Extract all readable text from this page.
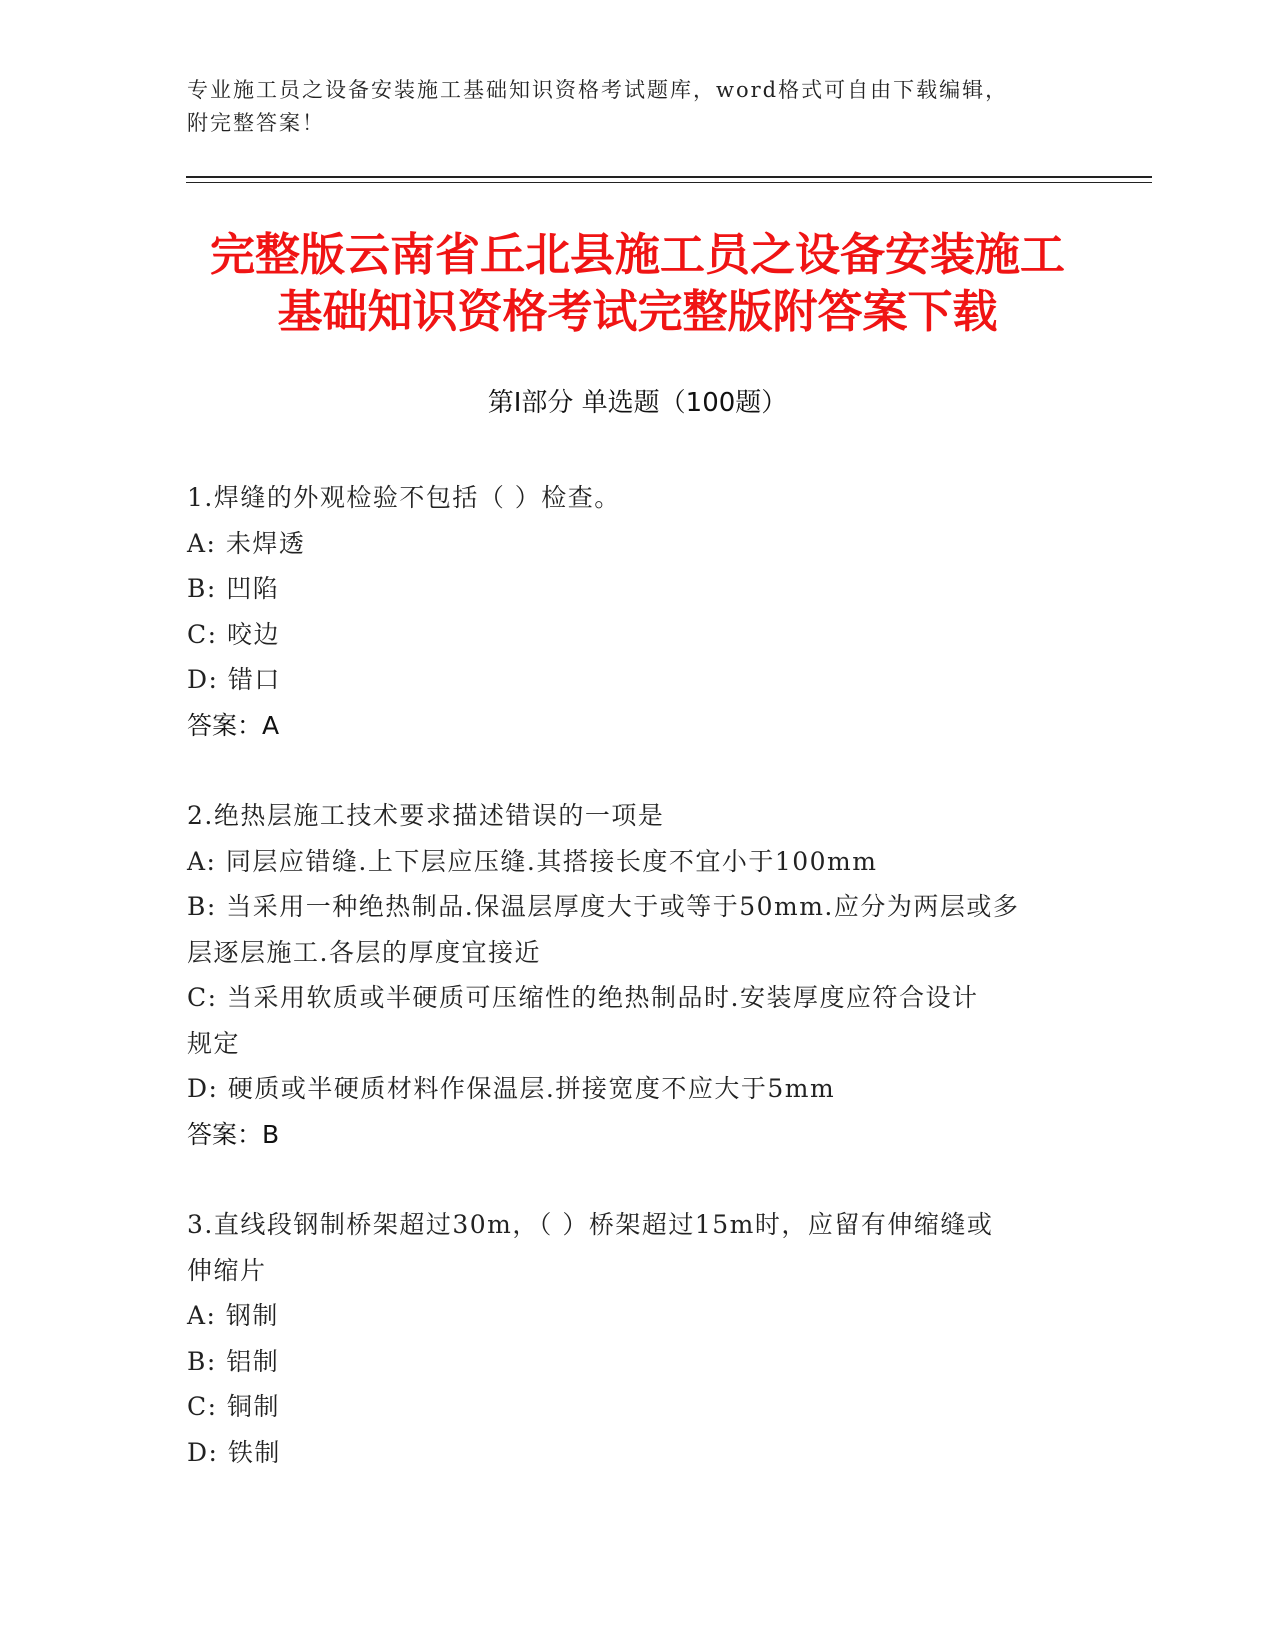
专业施工员之设备安装施工基础知识资格考试题库，word格式可自由下载编辑，
附完整答案！
完整版云南省丘北县施工员之设备安装施工
基础知识资格考试完整版附答案下载
第Ⅰ部分 单选题（100题）
1.焊缝的外观检验不包括（ ）检查。
A: 未焊透
B: 凹陷
C: 咬边
D: 错口
答案：A
2.绝热层施工技术要求描述错误的一项是
A: 同层应错缝.上下层应压缝.其搭接长度不宜小于100mm
B: 当采用一种绝热制品.保温层厚度大于或等于50mm.应分为两层或多
层逐层施工.各层的厚度宜接近
C: 当采用软质或半硬质可压缩性的绝热制品时.安装厚度应符合设计
规定
D: 硬质或半硬质材料作保温层.拼接宽度不应大于5mm
答案：B
3.直线段钢制桥架超过30m，（ ）桥架超过15m时，应留有伸缩缝或
伸缩片
A: 钢制
B: 铝制
C: 铜制
D: 铁制
